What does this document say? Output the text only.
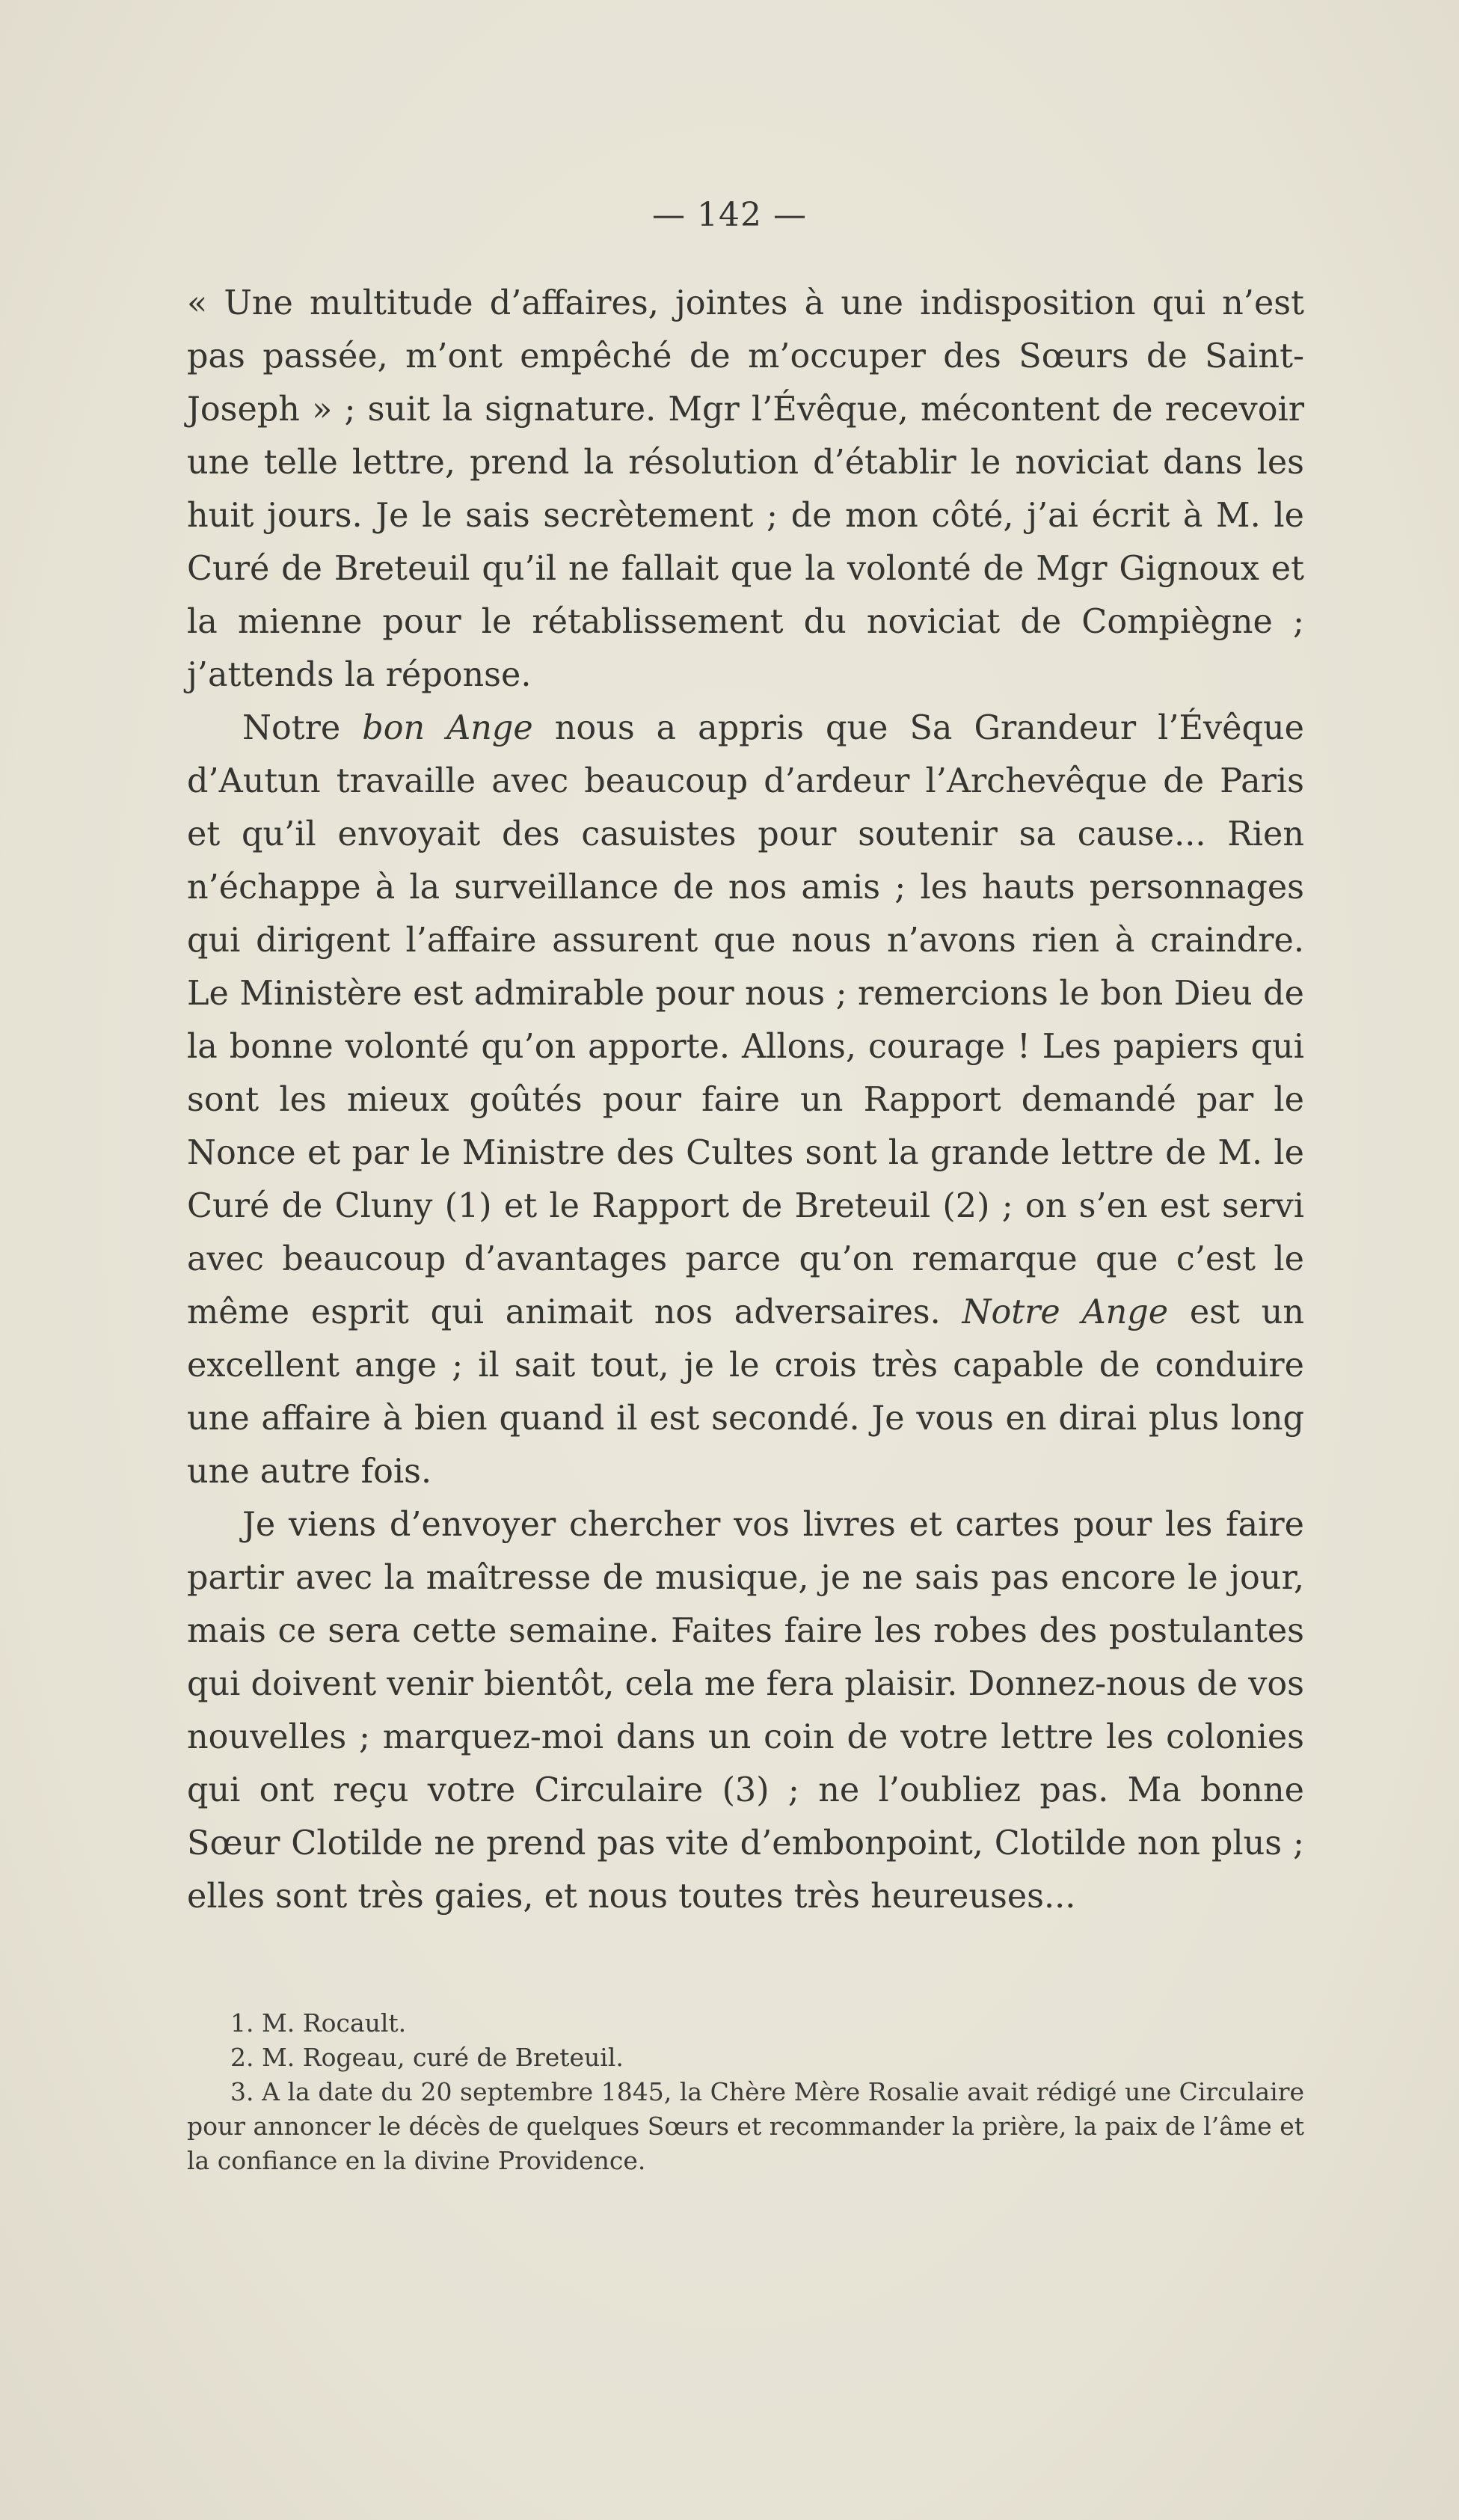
— 142 —

« Une multitude d’affaires, jointes à une indisposition qui n’est pas passée, m’ont empêché de m’occuper des Sœurs de Saint-Joseph » ; suit la signature. Mgr l’Évêque, mécontent de recevoir une telle lettre, prend la résolution d’établir le noviciat dans les huit jours. Je le sais secrètement ; de mon côté, j’ai écrit à M. le Curé de Breteuil qu’il ne fallait que la volonté de Mgr Gignoux et la mienne pour le rétablissement du noviciat de Compiègne ; j’attends la réponse.

Notre bon Ange nous a appris que Sa Grandeur l’Évêque d’Autun travaille avec beaucoup d’ardeur l’Archevêque de Paris et qu’il envoyait des casuistes pour soutenir sa cause... Rien n’échappe à la surveillance de nos amis ; les hauts personnages qui dirigent l’affaire assurent que nous n’avons rien à craindre. Le Ministère est admirable pour nous ; remercions le bon Dieu de la bonne volonté qu’on apporte. Allons, courage ! Les papiers qui sont les mieux goûtés pour faire un Rapport demandé par le Nonce et par le Ministre des Cultes sont la grande lettre de M. le Curé de Cluny (1) et le Rapport de Breteuil (2) ; on s’en est servi avec beaucoup d’avantages parce qu’on remarque que c’est le même esprit qui animait nos adversaires. Notre Ange est un excellent ange ; il sait tout, je le crois très capable de conduire une affaire à bien quand il est secondé. Je vous en dirai plus long une autre fois.

Je viens d’envoyer chercher vos livres et cartes pour les faire partir avec la maîtresse de musique, je ne sais pas encore le jour, mais ce sera cette semaine. Faites faire les robes des postulantes qui doivent venir bientôt, cela me fera plaisir. Donnez-nous de vos nouvelles ; marquez-moi dans un coin de votre lettre les colonies qui ont reçu votre Circulaire (3) ; ne l’oubliez pas. Ma bonne Sœur Clotilde ne prend pas vite d’embonpoint, Clotilde non plus ; elles sont très gaies, et nous toutes très heureuses...

1. M. Rocault.

2. M. Rogeau, curé de Breteuil.

3. A la date du 20 septembre 1845, la Chère Mère Rosalie avait rédigé une Circulaire pour annoncer le décès de quelques Sœurs et recommander la prière, la paix de l’âme et la confiance en la divine Providence.
